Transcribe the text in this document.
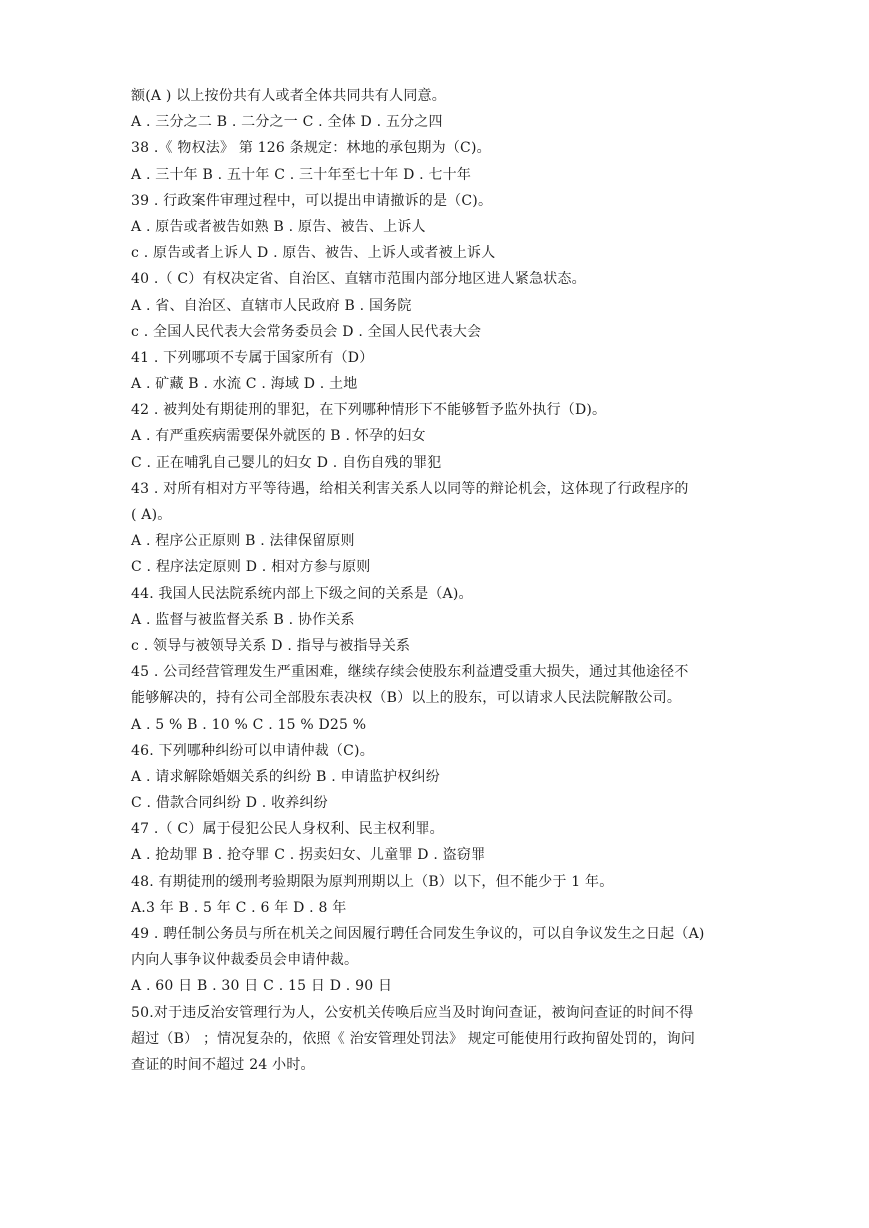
额(A ) 以上按份共有人或者全体共同共有人同意。
A . 三分之二 B . 二分之一 C . 全体 D . 五分之四
38 .《 物权法》 第 126 条规定：林地的承包期为（C)。
A . 三十年 B . 五十年 C . 三十年至七十年 D . 七十年
39 . 行政案件审理过程中，可以提出申请撤诉的是（C)。
A . 原告或者被告如熟 B . 原告、被告、上诉人
c . 原告或者上诉人 D . 原告、被告、上诉人或者被上诉人
40 .（ C）有权决定省、自治区、直辖市范围内部分地区进人紧急状态。
A . 省、自治区、直辖市人民政府 B . 国务院
c . 全国人民代表大会常务委员会 D . 全国人民代表大会
41 . 下列哪项不专属于国家所有（D）
A . 矿藏 B . 水流 C . 海域 D . 土地
42 . 被判处有期徒刑的罪犯，在下列哪种情形下不能够暂予监外执行（D)。
A . 有严重疾病需要保外就医的 B . 怀孕的妇女
C . 正在哺乳自己婴儿的妇女 D . 自伤自残的罪犯
43 . 对所有相对方平等待遇，给相关利害关系人以同等的辩论机会，这体现了行政程序的
( A)。
A . 程序公正原则 B . 法律保留原则
C . 程序法定原则 D . 相对方参与原则
44. 我国人民法院系统内部上下级之间的关系是（A)。
A . 监督与被监督关系 B . 协作关系
c . 领导与被领导关系 D . 指导与被指导关系
45 . 公司经营管理发生严重困难，继续存续会使股东利益遭受重大损失，通过其他途径不
能够解决的，持有公司全部股东表决权（B）以上的股东，可以请求人民法院解散公司。
A . 5 % B . 10 % C . 15 % D25 %
46. 下列哪种纠纷可以申请仲裁（C)。
A . 请求解除婚姻关系的纠纷 B . 申请监护权纠纷
C . 借款合同纠纷 D . 收养纠纷
47 .（ C）属于侵犯公民人身权利、民主权利罪。
A . 抢劫罪 B . 抢夺罪 C . 拐卖妇女、儿童罪 D . 盗窃罪
48. 有期徒刑的缓刑考验期限为原判刑期以上（B）以下，但不能少于 1 年。
A.3 年 B . 5 年 C . 6 年 D . 8 年
49 . 聘任制公务员与所在机关之间因履行聘任合同发生争议的，可以自争议发生之日起（A)
内向人事争议仲裁委员会申请仲裁。
A . 60 日 B . 30 日 C . 15 日 D . 90 日
50.对于违反治安管理行为人，公安机关传唤后应当及时询问查证，被询问查证的时间不得
超过（B） ；情况复杂的，依照《 治安管理处罚法》 规定可能使用行政拘留处罚的，询问
查证的时间不超过 24 小时。
